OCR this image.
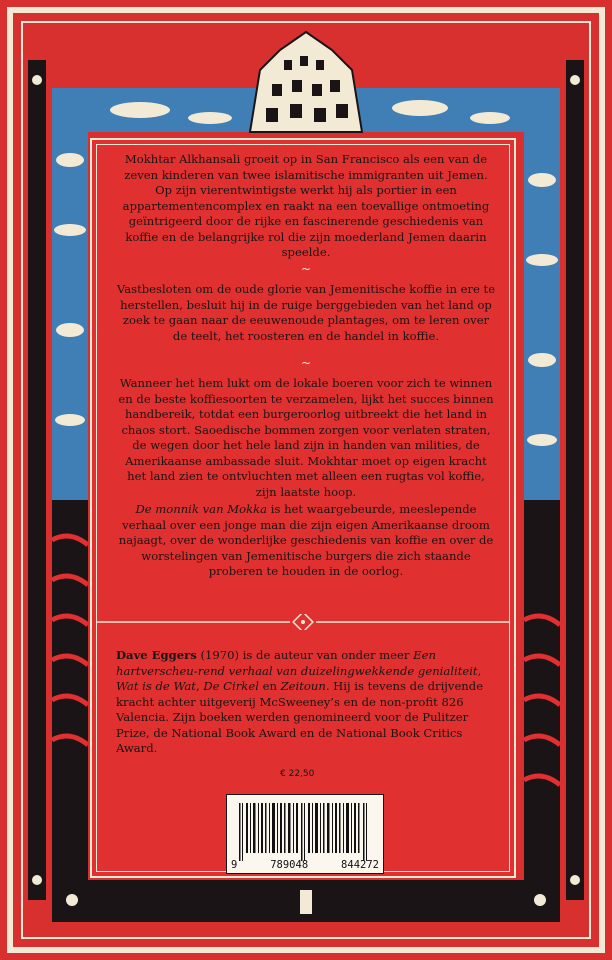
Mokhtar Alkhansali groeit op in San Francisco als een van de zeven kinderen van twee islamitische immigranten uit Jemen. Op zijn vierentwintigste werkt hij als portier in een appartementencomplex en raakt na een toevallige ontmoeting geïntrigeerd door de rijke en fascinerende geschiedenis van koffie en de belangrijke rol die zijn moederland Jemen daarin speelde.

~

Vastbesloten om de oude glorie van Jemenitische koffie in ere te herstellen, besluit hij in de ruige berggebieden van het land op zoek te gaan naar de eeuwenoude plantages, om te leren over de teelt, het roosteren en de handel in koffie.

~

Wanneer het hem lukt om de lokale boeren voor zich te winnen en de beste koffiesoorten te verzamelen, lijkt het succes binnen handbereik, totdat een burgeroorlog uitbreekt die het land in chaos stort. Saoedische bommen zorgen voor verlaten straten, de wegen door het hele land zijn in handen van milities, de Amerikaanse ambassade sluit. Mokhtar moet op eigen kracht het land zien te ontvluchten met alleen een rugtas vol koffie, zijn laatste hoop.

De monnik van Mokka is het waargebeurde, meeslepende verhaal over een jonge man die zijn eigen Amerikaanse droom najaagt, over de wonderlijke geschiedenis van koffie en over de worstelingen van Jemenitische burgers die zich staande proberen te houden in de oorlog.

Dave Eggers (1970) is de auteur van onder meer Een hartverscheu-rend verhaal van duizelingwekkende genialiteit, Wat is de Wat, De Cirkel en Zeitoun. Hij is tevens de drijvende kracht achter uitgeverij McSweeney’s en de non-profit 826 Valencia. Zijn boeken werden genomineerd voor de Pulitzer Prize, de National Book Award en de National Book Critics Award.

€ 22,50
9	789048	844272
